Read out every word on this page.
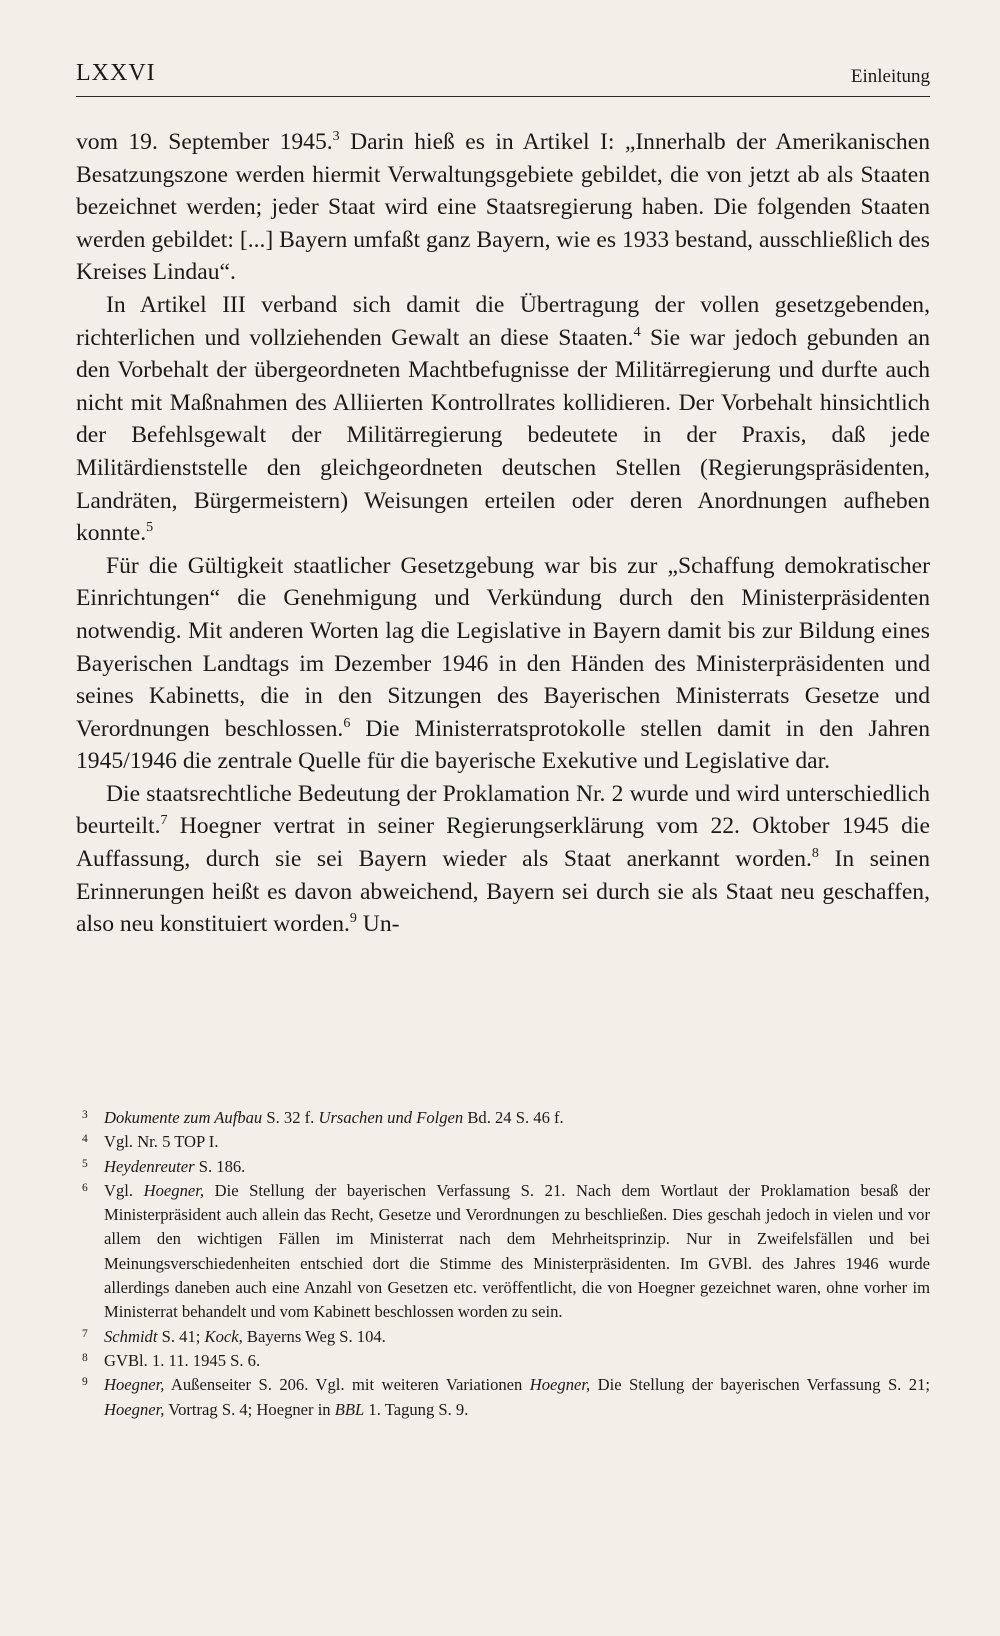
LXXVI	Einleitung

vom 19. September 1945.$^3$ Darin hieß es in Artikel I: „Innerhalb der Amerikanischen Besatzungszone werden hiermit Verwaltungsgebiete gebildet, die von jetzt ab als Staaten bezeichnet werden; jeder Staat wird eine Staatsregierung haben. Die folgenden Staaten werden gebildet: [...] Bayern umfaßt ganz Bayern, wie es 1933 bestand, ausschließlich des Kreises Lindau“.

In Artikel III verband sich damit die Übertragung der vollen gesetzgebenden, richterlichen und vollziehenden Gewalt an diese Staaten.$^4$ Sie war jedoch gebunden an den Vorbehalt der übergeordneten Machtbefugnisse der Militärregierung und durfte auch nicht mit Maßnahmen des Alliierten Kontrollrates kollidieren. Der Vorbehalt hinsichtlich der Befehlsgewalt der Militärregierung bedeutete in der Praxis, daß jede Militärdienststelle den gleichgeordneten deutschen Stellen (Regierungspräsidenten, Landräten, Bürgermeistern) Weisungen erteilen oder deren Anordnungen aufheben konnte.$^5$

Für die Gültigkeit staatlicher Gesetzgebung war bis zur „Schaffung demokratischer Einrichtungen“ die Genehmigung und Verkündung durch den Ministerpräsidenten notwendig. Mit anderen Worten lag die Legislative in Bayern damit bis zur Bildung eines Bayerischen Landtags im Dezember 1946 in den Händen des Ministerpräsidenten und seines Kabinetts, die in den Sitzungen des Bayerischen Ministerrats Gesetze und Verordnungen beschlossen.$^6$ Die Ministerratsprotokolle stellen damit in den Jahren 1945/1946 die zentrale Quelle für die bayerische Exekutive und Legislative dar.

Die staatsrechtliche Bedeutung der Proklamation Nr. 2 wurde und wird unterschiedlich beurteilt.$^7$ Hoegner vertrat in seiner Regierungserklärung vom 22. Oktober 1945 die Auffassung, durch sie sei Bayern wieder als Staat anerkannt worden.$^8$ In seinen Erinnerungen heißt es davon abweichend, Bayern sei durch sie als Staat neu geschaffen, also neu konstituiert worden.$^9$ Un-

3 Dokumente zum Aufbau S. 32 f. Ursachen und Folgen Bd. 24 S. 46 f.
4 Vgl. Nr. 5 TOP I.
5 Heydenreuter S. 186.
6 Vgl. Hoegner, Die Stellung der bayerischen Verfassung S. 21. Nach dem Wortlaut der Proklamation besaß der Ministerpräsident auch allein das Recht, Gesetze und Verordnungen zu beschließen. Dies geschah jedoch in vielen und vor allem den wichtigen Fällen im Ministerrat nach dem Mehrheitsprinzip. Nur in Zweifelsfällen und bei Meinungsverschiedenheiten entschied dort die Stimme des Ministerpräsidenten. Im GVBl. des Jahres 1946 wurde allerdings daneben auch eine Anzahl von Gesetzen etc. veröffentlicht, die von Hoegner gezeichnet waren, ohne vorher im Ministerrat behandelt und vom Kabinett beschlossen worden zu sein.
7 Schmidt S. 41; Kock, Bayerns Weg S. 104.
8 GVBl. 1. 11. 1945 S. 6.
9 Hoegner, Außenseiter S. 206. Vgl. mit weiteren Variationen Hoegner, Die Stellung der bayerischen Verfassung S. 21; Hoegner, Vortrag S. 4; Hoegner in BBL 1. Tagung S. 9.
